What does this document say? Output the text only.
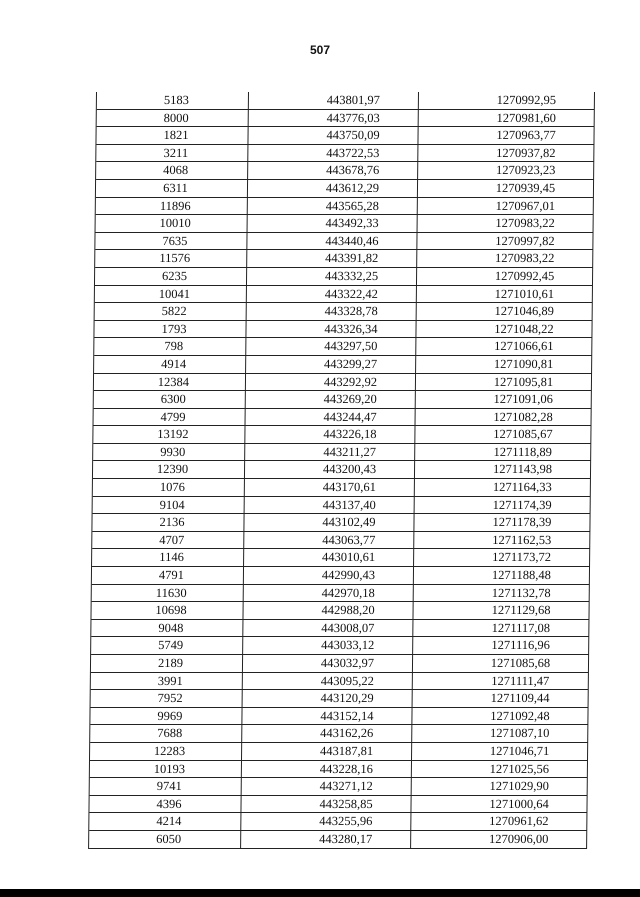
507
5183	443801,97	1270992,95
8000	443776,03	1270981,60
1821	443750,09	1270963,77
3211	443722,53	1270937,82
4068	443678,76	1270923,23
6311	443612,29	1270939,45
11896	443565,28	1270967,01
10010	443492,33	1270983,22
7635	443440,46	1270997,82
11576	443391,82	1270983,22
6235	443332,25	1270992,45
10041	443322,42	1271010,61
5822	443328,78	1271046,89
1793	443326,34	1271048,22
798	443297,50	1271066,61
4914	443299,27	1271090,81
12384	443292,92	1271095,81
6300	443269,20	1271091,06
4799	443244,47	1271082,28
13192	443226,18	1271085,67
9930	443211,27	1271118,89
12390	443200,43	1271143,98
1076	443170,61	1271164,33
9104	443137,40	1271174,39
2136	443102,49	1271178,39
4707	443063,77	1271162,53
1146	443010,61	1271173,72
4791	442990,43	1271188,48
11630	442970,18	1271132,78
10698	442988,20	1271129,68
9048	443008,07	1271117,08
5749	443033,12	1271116,96
2189	443032,97	1271085,68
3991	443095,22	1271111,47
7952	443120,29	1271109,44
9969	443152,14	1271092,48
7688	443162,26	1271087,10
12283	443187,81	1271046,71
10193	443228,16	1271025,56
9741	443271,12	1271029,90
4396	443258,85	1271000,64
4214	443255,96	1270961,62
6050	443280,17	1270906,00
